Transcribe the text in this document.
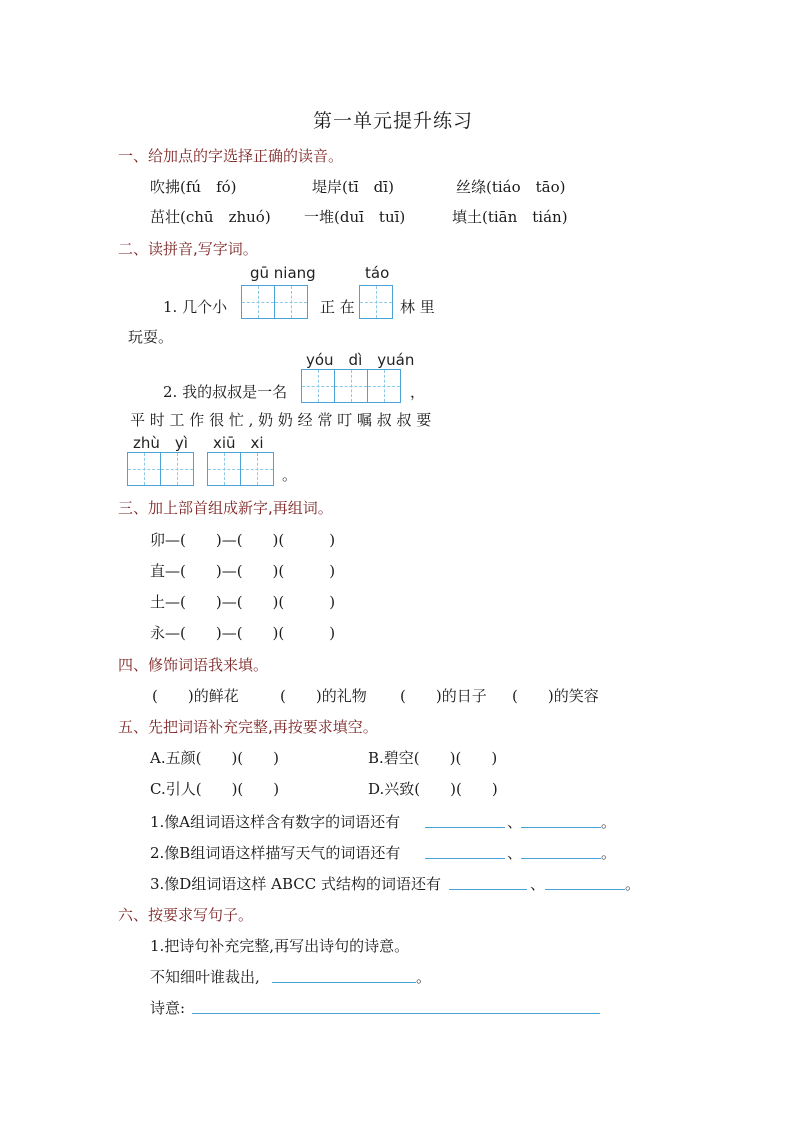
第一单元提升练习
一、给加点的字选择正确的读音。
吹拂(fú　fó)	堤岸(tī　dī)	丝绦(tiáo　tāo)
茁壮(chū　zhuó) 一堆(duī　tuī)	填土(tiān　tián)
二、读拼音,写字词。
gū niang	táo
1. 几个小	正 在	林 里
玩耍。
yóu　dì　yuán
2. 我的叔叔是一名	，
平 时 工 作 很 忙 , 奶 奶 经 常 叮 嘱 叔 叔 要
zhù　yì xiū　xi
。
三、加上部首组成新字,再组词。
卯—(　　)—(　　)(　　　)
直—(　　)—(　　)(　　　)
土—(　　)—(　　)(　　　)
永—(　　)—(　　)(　　　)
四、修饰词语我来填。
(　　)的鲜花	(　　)的礼物 (　　)的日子 (　　)的笑容
五、先把词语补充完整,再按要求填空。
A.五颜(　　)(　　)	B.碧空(　　)(　　)
C.引人(　　)(　　)	D.兴致(　　)(　　)
1.像A组词语这样含有数字的词语还有	、	。
2.像B组词语这样描写天气的词语还有	、	。
3.像D组词语这样 ABCC 式结构的词语还有	、	。
六、按要求写句子。
1.把诗句补充完整,再写出诗句的诗意。
不知细叶谁裁出,	。
诗意:
